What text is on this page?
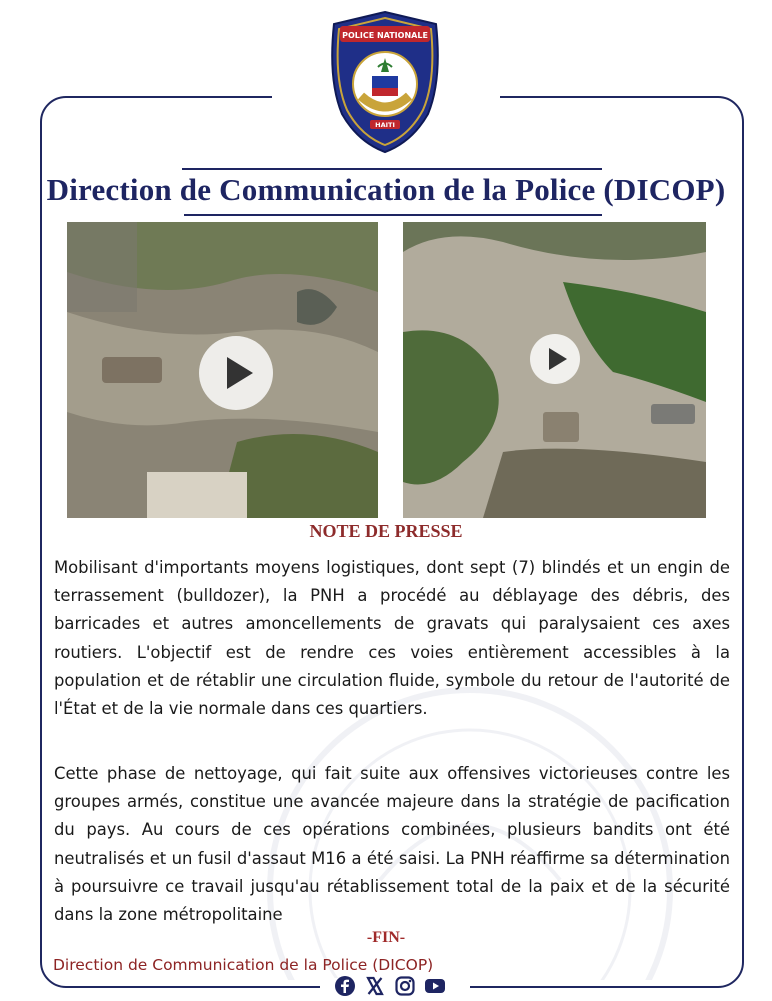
POLICE NATIONALE
HAITI
Direction de Communication de la Police (DICOP)
NOTE DE PRESSE
Mobilisant d'importants moyens logistiques, dont sept (7) blindés et un engin de terrassement (bulldozer), la PNH a procédé au déblayage des débris, des barricades et autres amoncellements de gravats qui paralysaient ces axes routiers. L'objectif est de rendre ces voies entièrement accessibles à la population et de rétablir une circulation fluide, symbole du retour de l'autorité de l'État et de la vie normale dans ces quartiers.
Cette phase de nettoyage, qui fait suite aux offensives victorieuses contre les groupes armés, constitue une avancée majeure dans la stratégie de pacification du pays. Au cours de ces opérations combinées, plusieurs bandits ont été neutralisés et un fusil d'assaut M16 a été saisi. La PNH réaffirme sa détermination à poursuivre ce travail jusqu'au rétablissement total de la paix et de la sécurité dans la zone métropolitaine
-FIN-
Direction de Communication de la Police (DICOP)
